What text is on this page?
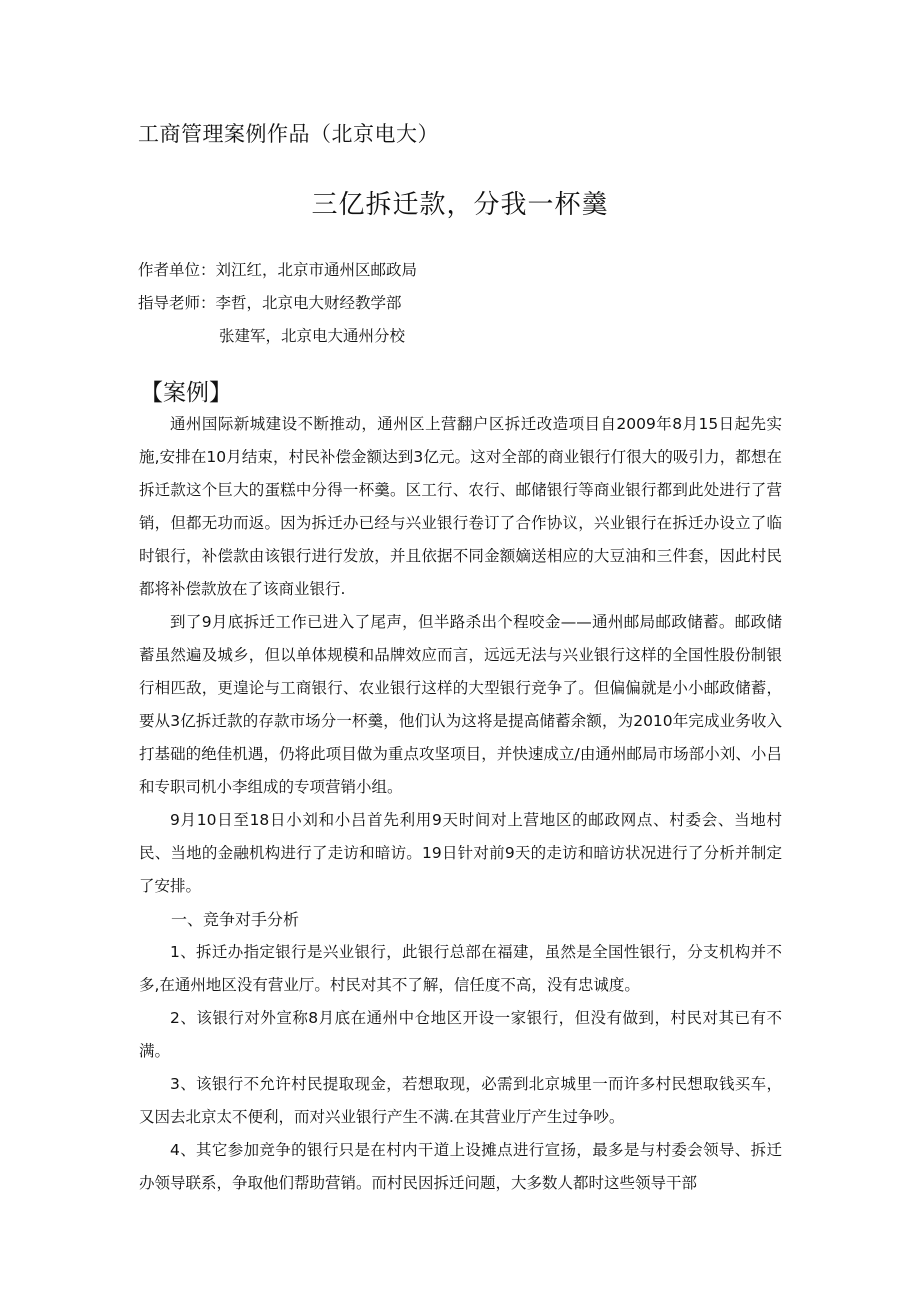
工商管理案例作品（北京电大）
三亿拆迁款，分我一杯羹
作者单位：刘江红，北京市通州区邮政局
指导老师：李哲，北京电大财经教学部
张建军，北京电大通州分校
【案例】

通州国际新城建设不断推动，通州区上营翻户区拆迁改造项目自2009年8月15日起先实施,安排在10月结束，村民补偿金额达到3亿元。这对全部的商业银行仃很大的吸引力，都想在拆迁款这个巨大的蛋糕中分得一杯羹。区工行、农行、邮储银行等商业银行都到此处进行了营销，但都无功而返。因为拆迁办已经与兴业银行卷订了合作协议，兴业银行在拆迁办设立了临时银行，补偿款由该银行进行发放，并且依据不同金额嫡送相应的大豆油和三件套，因此村民都将补偿款放在了该商业银行.

到了9月底拆迁工作已进入了尾声，但半路杀出个程咬金——通州邮局邮政储蓄。邮政储蓄虽然遍及城乡，但以单体规模和品牌效应而言，远远无法与兴业银行这样的全国性股份制银行相匹敌，更遑论与工商银行、农业银行这样的大型银行竞争了。但偏偏就是小小邮政储蓄，要从3亿拆迁款的存款市场分一杯羹，他们认为这将是提高储蓄余额，为2010年完成业务收入打基础的绝佳机遇，仍将此项目做为重点攻坚项目，并快速成立/由通州邮局市场部小刘、小吕和专职司机小李组成的专项营销小组。

9月10日至18日小刘和小吕首先利用9天时间对上营地区的邮政网点、村委会、当地村民、当地的金融机构进行了走访和暗访。19日针对前9天的走访和暗访状况进行了分析并制定了安排。

一、竞争对手分析

1、拆迁办指定银行是兴业银行，此银行总部在福建，虽然是全国性银行，分支机构并不多,在通州地区没有营业厅。村民对其不了解，信任度不高，没有忠诚度。

2、该银行对外宣称8月底在通州中仓地区开设一家银行，但没有做到，村民对其已有不满。

3、该银行不允许村民提取现金，若想取现，必需到北京城里一而许多村民想取钱买车，又因去北京太不便利，而对兴业银行产生不满.在其营业厅产生过争吵。

4、其它参加竞争的银行只是在村内干道上设摊点进行宣扬，最多是与村委会领导、拆迁办领导联系，争取他们帮助营销。而村民因拆迁问题，大多数人都时这些领导干部
